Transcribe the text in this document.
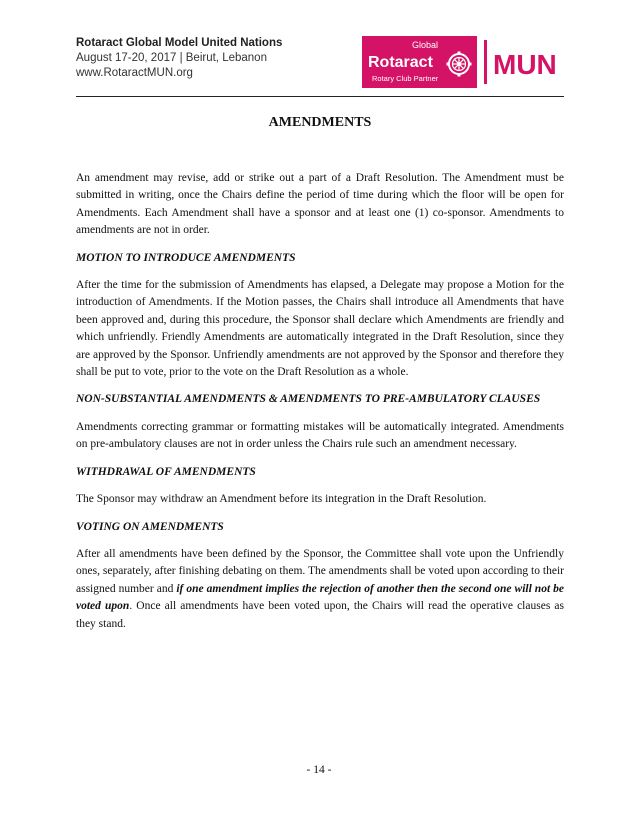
Rotaract Global Model United Nations
August 17-20, 2017 | Beirut, Lebanon
www.RotaractMUN.org
Global
Rotaract
Rotary Club Partner MUN
AMENDMENTS

An amendment may revise, add or strike out a part of a Draft Resolution. The Amendment must be submitted in writing, once the Chairs define the period of time during which the floor will be open for Amendments. Each Amendment shall have a sponsor and at least one (1) co-sponsor. Amendments to amendments are not in order.

MOTION TO INTRODUCE AMENDMENTS

After the time for the submission of Amendments has elapsed, a Delegate may propose a Motion for the introduction of Amendments. If the Motion passes, the Chairs shall introduce all Amendments that have been approved and, during this procedure, the Sponsor shall declare which Amendments are friendly and which unfriendly. Friendly Amendments are automatically integrated in the Draft Resolution, since they are approved by the Sponsor. Unfriendly amendments are not approved by the Sponsor and therefore they shall be put to vote, prior to the vote on the Draft Resolution as a whole.

NON-SUBSTANTIAL AMENDMENTS & AMENDMENTS TO PRE-AMBULATORY CLAUSES

Amendments correcting grammar or formatting mistakes will be automatically integrated. Amendments on pre-ambulatory clauses are not in order unless the Chairs rule such an amendment necessary.

WITHDRAWAL OF AMENDMENTS

The Sponsor may withdraw an Amendment before its integration in the Draft Resolution.

VOTING ON AMENDMENTS

After all amendments have been defined by the Sponsor, the Committee shall vote upon the Unfriendly ones, separately, after finishing debating on them. The amendments shall be voted upon according to their assigned number and if one amendment implies the rejection of another then the second one will not be voted upon. Once all amendments have been voted upon, the Chairs will read the operative clauses as they stand.

- 14 -
